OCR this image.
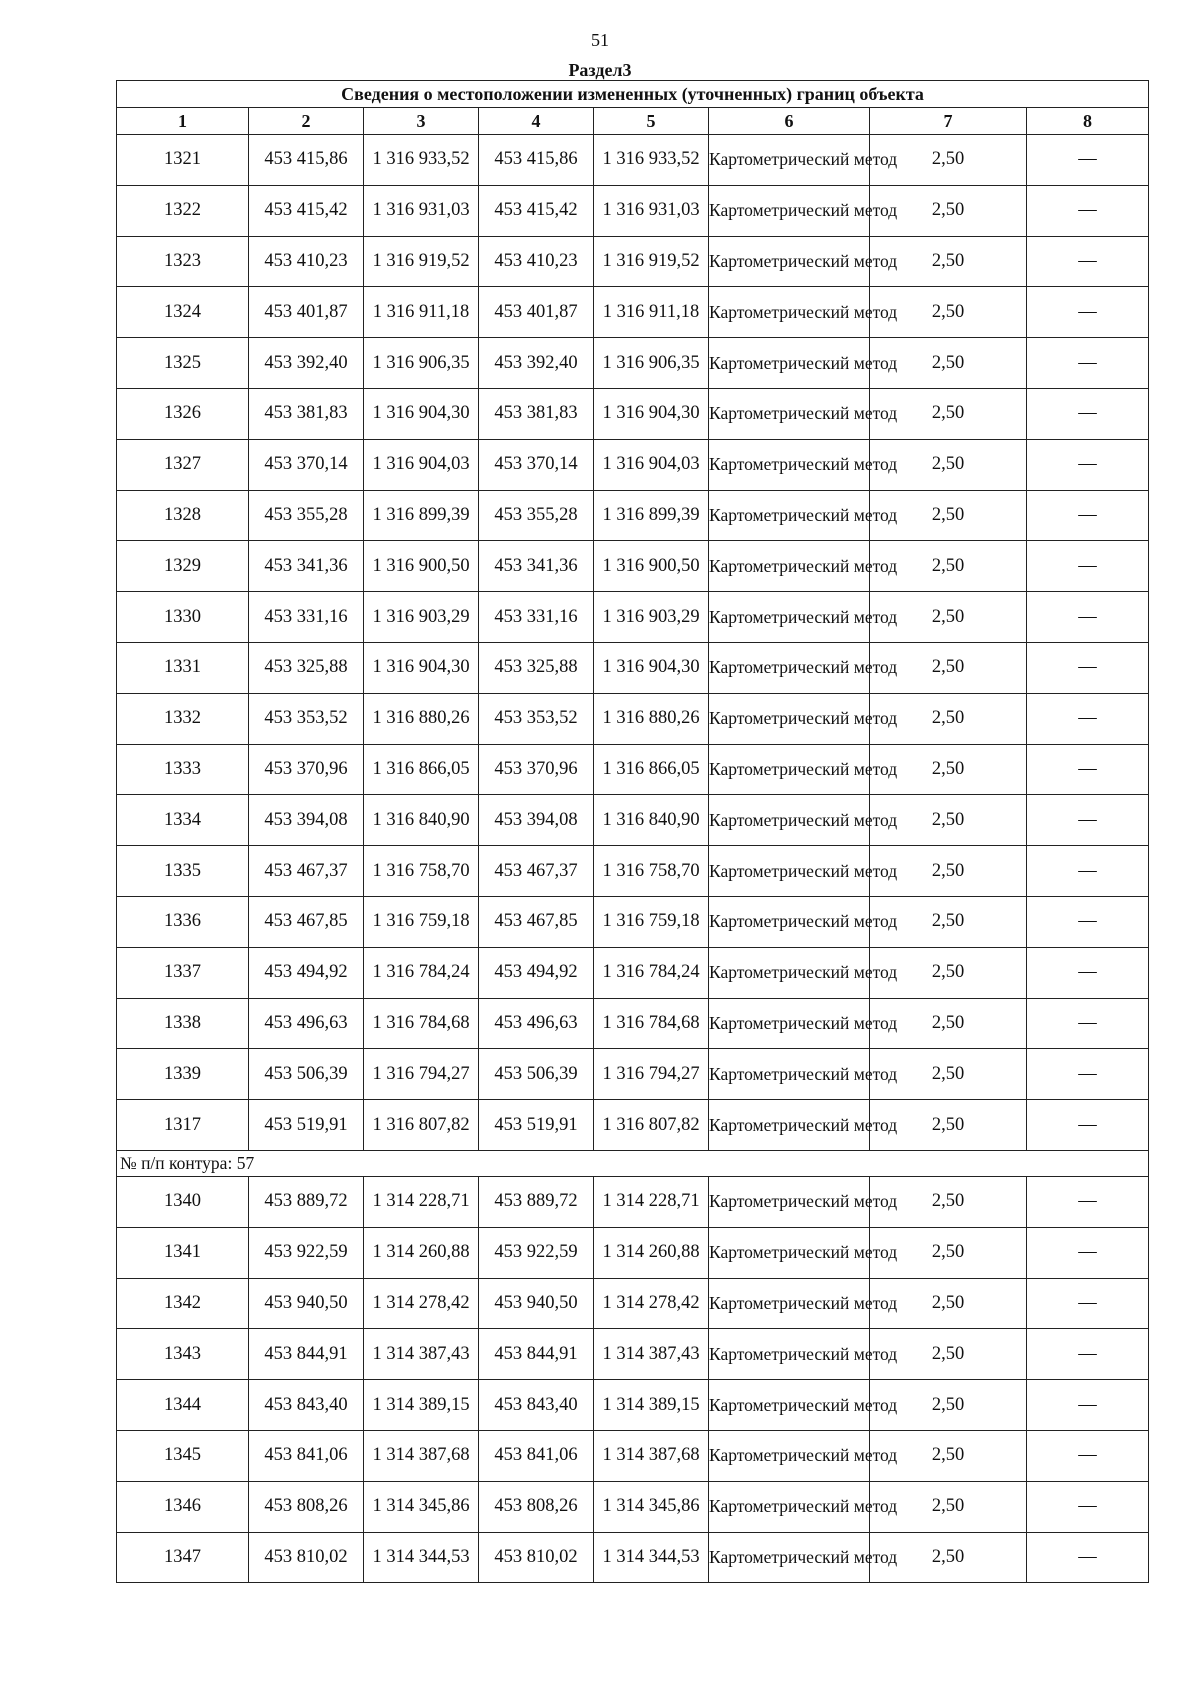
51
Раздел3
Сведения о местоположении измененных (уточненных) границ объекта							
1	2	3	4	5	6	7	8
1321	453 415,86	1 316 933,52	453 415,86	1 316 933,52	Картометрический метод	2,50	—
1322	453 415,42	1 316 931,03	453 415,42	1 316 931,03	Картометрический метод	2,50	—
1323	453 410,23	1 316 919,52	453 410,23	1 316 919,52	Картометрический метод	2,50	—
1324	453 401,87	1 316 911,18	453 401,87	1 316 911,18	Картометрический метод	2,50	—
1325	453 392,40	1 316 906,35	453 392,40	1 316 906,35	Картометрический метод	2,50	—
1326	453 381,83	1 316 904,30	453 381,83	1 316 904,30	Картометрический метод	2,50	—
1327	453 370,14	1 316 904,03	453 370,14	1 316 904,03	Картометрический метод	2,50	—
1328	453 355,28	1 316 899,39	453 355,28	1 316 899,39	Картометрический метод	2,50	—
1329	453 341,36	1 316 900,50	453 341,36	1 316 900,50	Картометрический метод	2,50	—
1330	453 331,16	1 316 903,29	453 331,16	1 316 903,29	Картометрический метод	2,50	—
1331	453 325,88	1 316 904,30	453 325,88	1 316 904,30	Картометрический метод	2,50	—
1332	453 353,52	1 316 880,26	453 353,52	1 316 880,26	Картометрический метод	2,50	—
1333	453 370,96	1 316 866,05	453 370,96	1 316 866,05	Картометрический метод	2,50	—
1334	453 394,08	1 316 840,90	453 394,08	1 316 840,90	Картометрический метод	2,50	—
1335	453 467,37	1 316 758,70	453 467,37	1 316 758,70	Картометрический метод	2,50	—
1336	453 467,85	1 316 759,18	453 467,85	1 316 759,18	Картометрический метод	2,50	—
1337	453 494,92	1 316 784,24	453 494,92	1 316 784,24	Картометрический метод	2,50	—
1338	453 496,63	1 316 784,68	453 496,63	1 316 784,68	Картометрический метод	2,50	—
1339	453 506,39	1 316 794,27	453 506,39	1 316 794,27	Картометрический метод	2,50	—
1317	453 519,91	1 316 807,82	453 519,91	1 316 807,82	Картометрический метод	2,50	—
№ п/п контура: 57							
1340	453 889,72	1 314 228,71	453 889,72	1 314 228,71	Картометрический метод	2,50	—
1341	453 922,59	1 314 260,88	453 922,59	1 314 260,88	Картометрический метод	2,50	—
1342	453 940,50	1 314 278,42	453 940,50	1 314 278,42	Картометрический метод	2,50	—
1343	453 844,91	1 314 387,43	453 844,91	1 314 387,43	Картометрический метод	2,50	—
1344	453 843,40	1 314 389,15	453 843,40	1 314 389,15	Картометрический метод	2,50	—
1345	453 841,06	1 314 387,68	453 841,06	1 314 387,68	Картометрический метод	2,50	—
1346	453 808,26	1 314 345,86	453 808,26	1 314 345,86	Картометрический метод	2,50	—
1347	453 810,02	1 314 344,53	453 810,02	1 314 344,53	Картометрический метод	2,50	—
